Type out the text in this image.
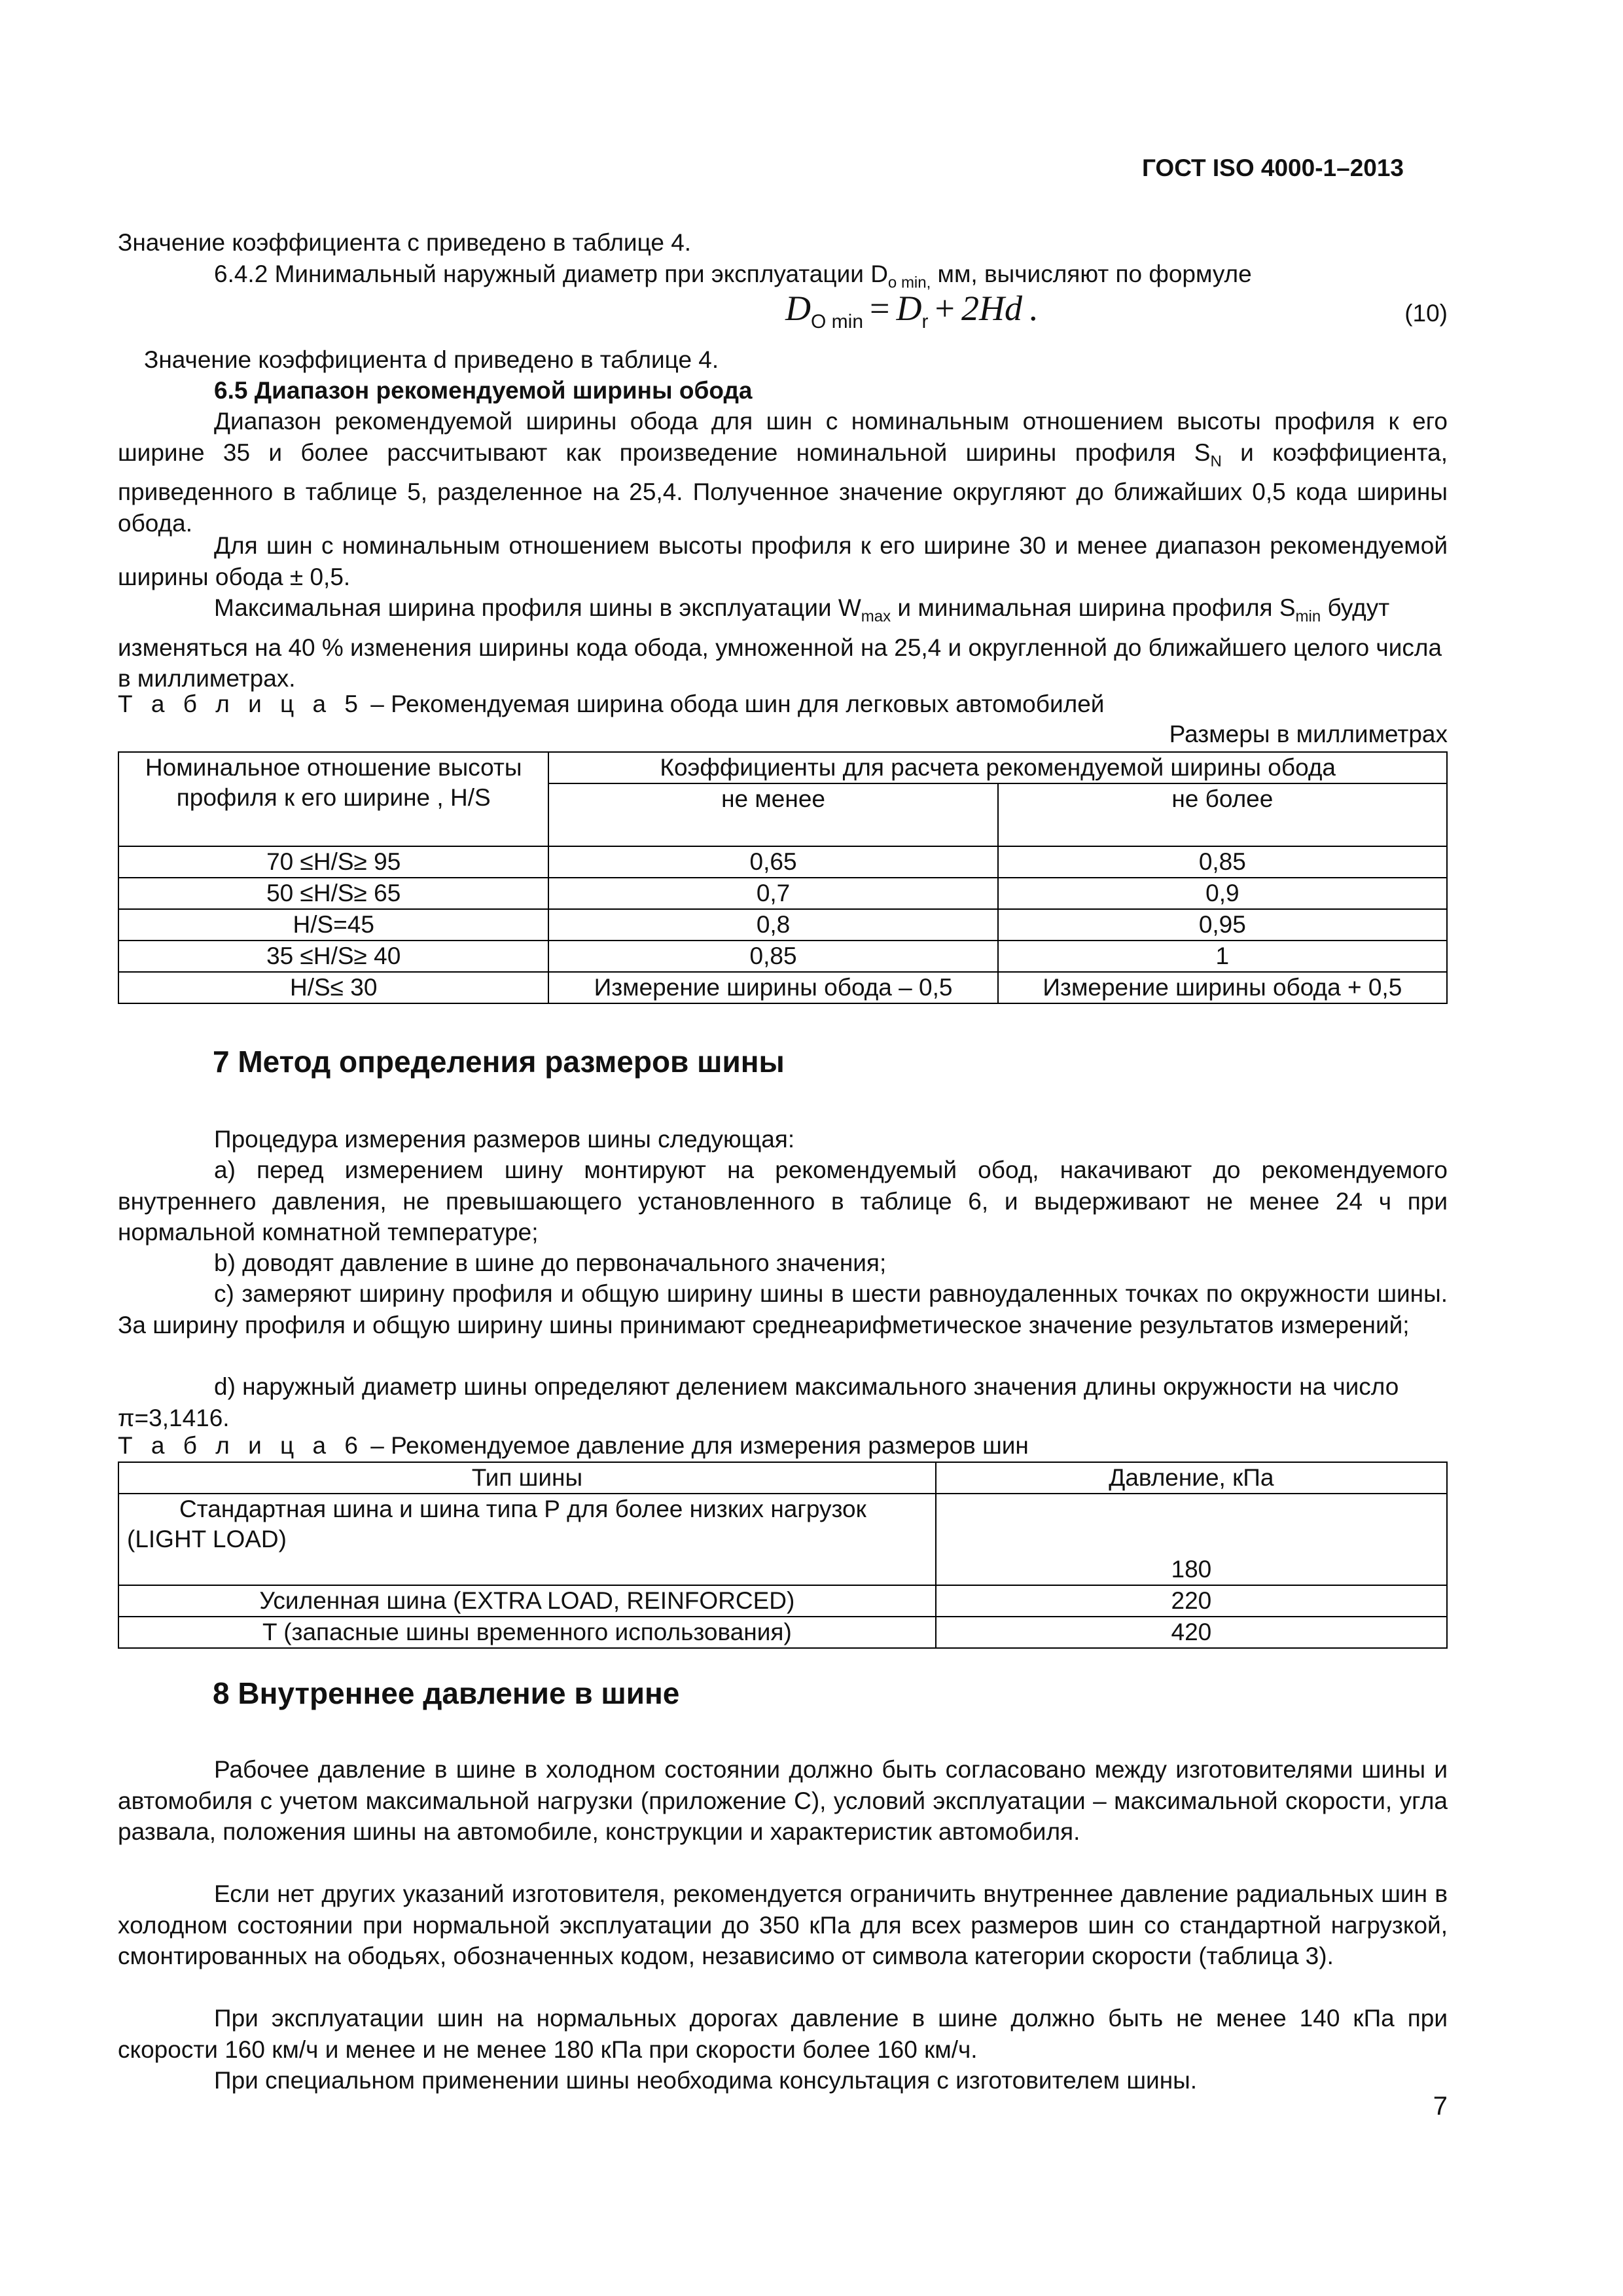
ГОСТ ISO 4000-1–2013

Значение коэффициента c приведено в таблице 4.

6.4.2 Минимальный наружный диаметр при эксплуатации $D_{о min,}$ мм, вычисляют по формуле

$D_{O min} = D_r + 2Hd$ .	(10)

Значение коэффициента d приведено в таблице 4.

6.5 Диапазон рекомендуемой ширины обода

Диапазон рекомендуемой ширины обода для шин с номинальным отношением высоты профиля к его ширине 35 и более рассчитывают как произведение номинальной ширины профиля $S_N$ и коэффициента, приведенного в таблице 5, разделенное на 25,4. Полученное значение округляют до ближайших 0,5 кода ширины обода.

Для шин с номинальным отношением высоты профиля к его ширине 30 и менее диапазон рекомендуемой ширины обода ± 0,5.

Максимальная ширина профиля шины в эксплуатации $W_{max}$ и минимальная ширина профиля $S_{min}$ будут изменяться на 40 % изменения ширины кода обода, умноженной на 25,4 и округленной до ближайшего целого числа в миллиметрах.

Т а б л и ц а 5 – Рекомендуемая ширина обода шин для легковых автомобилей
Размеры в миллиметрах
Номинальное отношение высоты профиля к его ширине , H/S	Коэффициенты для расчета рекомендуемой ширины обода	
	не менее	не более
70 ≤H/S≥ 95	0,65	0,85
50 ≤H/S≥ 65	0,7	0,9
H/S=45	0,8	0,95
35 ≤H/S≥ 40	0,85	1
H/S≤ 30	Измерение ширины обода – 0,5	Измерение ширины обода + 0,5
7 Метод определения размеров шины

Процедура измерения размеров шины следующая:

а) перед измерением шину монтируют на рекомендуемый обод, накачивают до рекомендуемого внутреннего давления, не превышающего установленного в таблице 6, и выдерживают не менее 24 ч при нормальной комнатной температуре;

b) доводят давление в шине до первоначального значения;

c) замеряют ширину профиля и общую ширину шины в шести равноудаленных точках по окружности шины. За ширину профиля и общую ширину шины принимают среднеарифметическое значение результатов измерений;

d) наружный диаметр шины определяют делением максимального значения длины окружности на число π=3,1416.

Т а б л и ц а 6 – Рекомендуемое давление для измерения размеров шин
Тип шины	Давление, кПа
Стандартная шина и шина типа Р для более низких нагрузок (LIGHT LOAD)	180
Усиленная шина (EXTRA LOAD, REINFORCED)	220
T (запасные шины временного использования)	420
8 Внутреннее давление в шине

Рабочее давление в шине в холодном состоянии должно быть согласовано между изготовителями шины и автомобиля с учетом максимальной нагрузки (приложение С), условий эксплуатации – максимальной скорости, угла развала, положения шины на автомобиле, конструкции и характеристик автомобиля.

Если нет других указаний изготовителя, рекомендуется ограничить внутреннее давление радиальных шин в холодном состоянии при нормальной эксплуатации до 350 кПа для всех размеров шин со стандартной нагрузкой, смонтированных на ободьях, обозначенных кодом, независимо от символа категории скорости (таблица 3).

При эксплуатации шин на нормальных дорогах давление в шине должно быть не менее 140 кПа при скорости 160 км/ч и менее и не менее 180 кПа при скорости более 160 км/ч.

При специальном применении шины необходима консультация с изготовителем шины.

7
